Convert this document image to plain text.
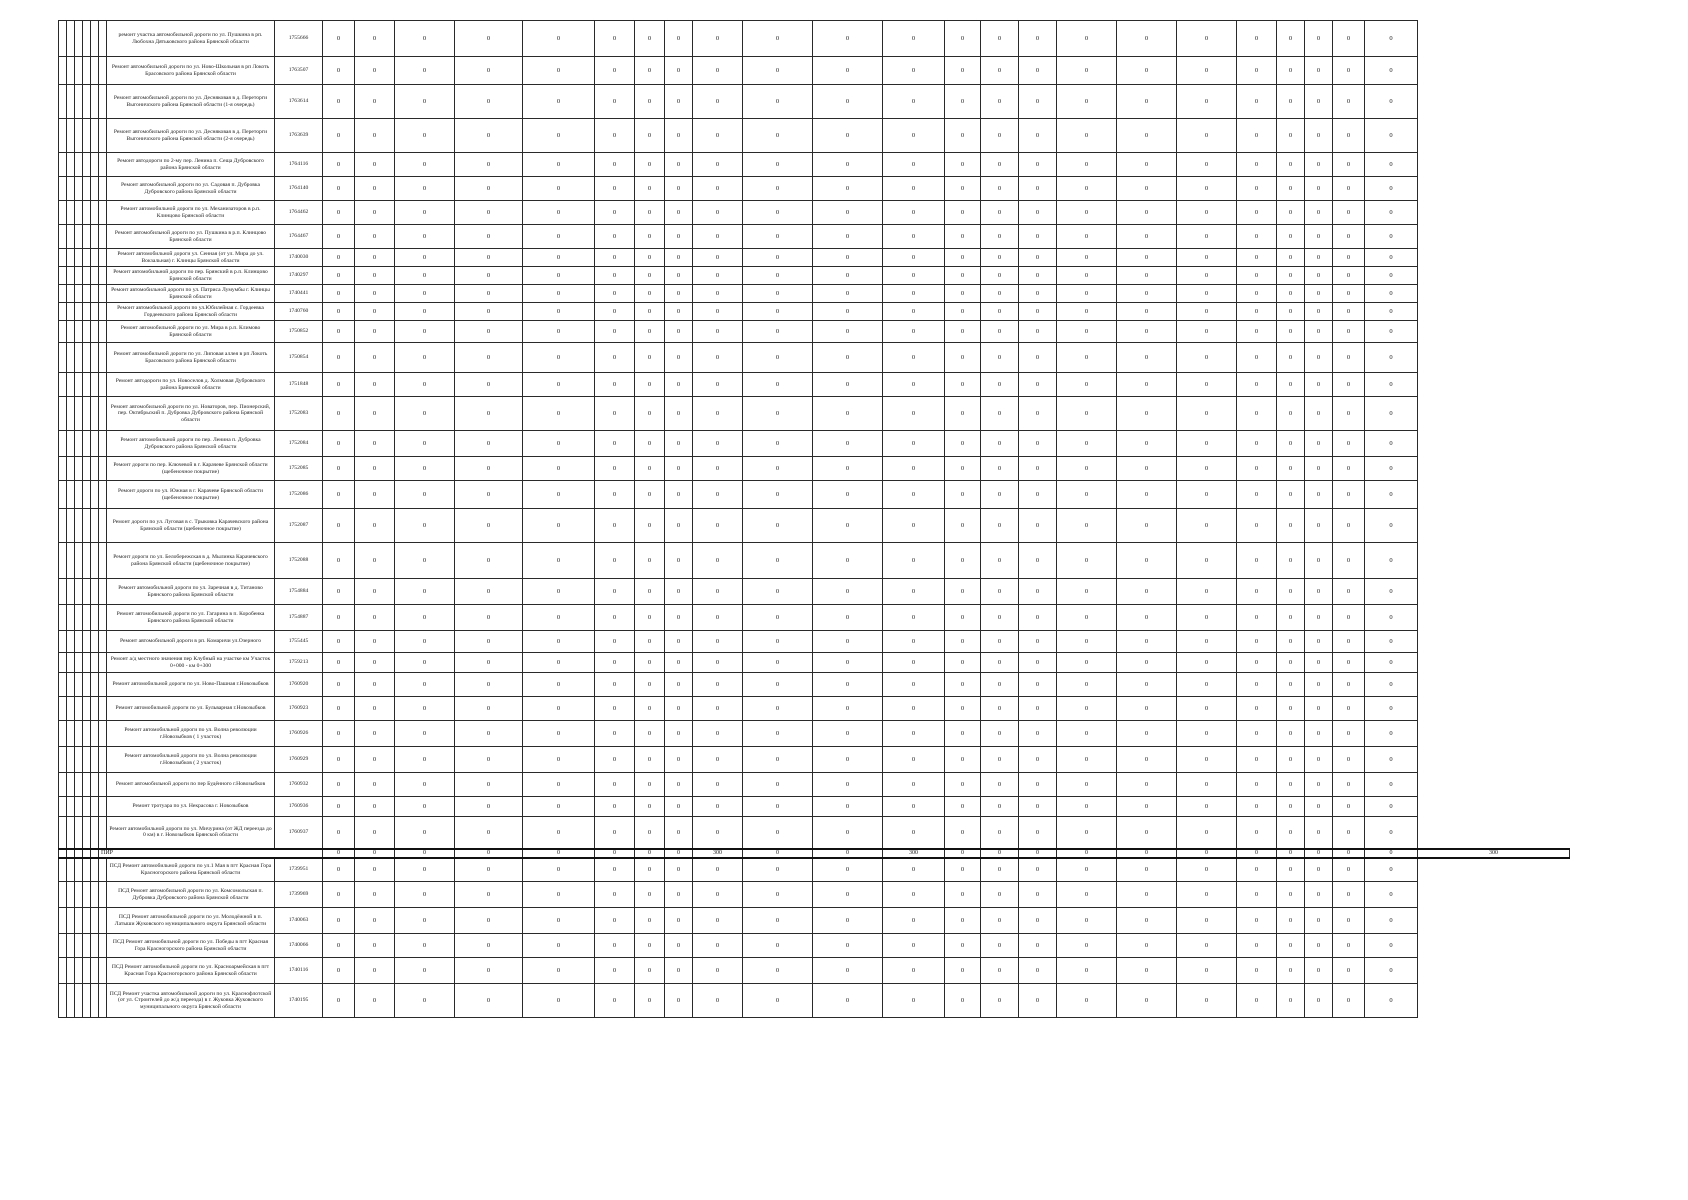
						ремонт участка автомобильной дороги по ул. Пушкина в рп. Любохна Дятьковского района Брянской области	1755666	0	0	0	0	0	0	0	0	0	0	0	0	0	0	0	0	0	0	0	0	0	0	0	
						Ремонт автомобильной дороги по ул. Ново-Школьная в рп Локоть Брасовского района Брянской области	1763507	0	0	0	0	0	0	0	0	0	0	0	0	0	0	0	0	0	0	0	0	0	0	0	
						Ремонт автомобильной дороги по ул. Десняковая в д. Переторги Выгоничского района Брянской области (1-я очередь)	1763614	0	0	0	0	0	0	0	0	0	0	0	0	0	0	0	0	0	0	0	0	0	0	0	
						Ремонт автомобильной дороги по ул. Десняковая в д. Переторги Выгоничского района Брянской области (2-я очередь)	1763639	0	0	0	0	0	0	0	0	0	0	0	0	0	0	0	0	0	0	0	0	0	0	0	
						Ремонт автодороги по 2-му пер. Ленина п. Сеща Дубровского района Брянской области	1764116	0	0	0	0	0	0	0	0	0	0	0	0	0	0	0	0	0	0	0	0	0	0	0	
						Ремонт автомобильной дороги по ул. Садовая п. Дубровка Дубровского района Брянской области	1764140	0	0	0	0	0	0	0	0	0	0	0	0	0	0	0	0	0	0	0	0	0	0	0	
						Ремонт автомобильной дороги по ул. Механизаторов в р.п. Клинцово Брянской области	1764462	0	0	0	0	0	0	0	0	0	0	0	0	0	0	0	0	0	0	0	0	0	0	0	
						Ремонт автомобильной дороги по ул. Пушкина в р.п. Клинцово Брянской области	1764467	0	0	0	0	0	0	0	0	0	0	0	0	0	0	0	0	0	0	0	0	0	0	0	
						Ремонт автомобильной дороги ул. Сенная (от ул. Мира до ул. Вокзальная) г. Клинцы Брянской области	1740030	0	0	0	0	0	0	0	0	0	0	0	0	0	0	0	0	0	0	0	0	0	0	0	
						Ремонт автомобильной дороги по пер. Брянский в р.п. Клинцово Брянской области	1740297	0	0	0	0	0	0	0	0	0	0	0	0	0	0	0	0	0	0	0	0	0	0	0	
						Ремонт автомобильной дороги по ул. Патриса Лумумбы г. Клинцы Брянской области	1740441	0	0	0	0	0	0	0	0	0	0	0	0	0	0	0	0	0	0	0	0	0	0	0	
						Ремонт автомобильной дороги по ул.Юбилейная с. Гордеевка Гордеевского района Брянской области	1740760	0	0	0	0	0	0	0	0	0	0	0	0	0	0	0	0	0	0	0	0	0	0	0	
						Ремонт автомобильной дороги по ул. Мира в р.п. Климово Брянской области	1750852	0	0	0	0	0	0	0	0	0	0	0	0	0	0	0	0	0	0	0	0	0	0	0	
						Ремонт автомобильной дороги по ул. Липовая аллея в рп Локоть Брасовского района Брянской области	1750854	0	0	0	0	0	0	0	0	0	0	0	0	0	0	0	0	0	0	0	0	0	0	0	
						Ремонт автодороги по ул. Новоселов д. Холмовая Дубровского района Брянской области	1751848	0	0	0	0	0	0	0	0	0	0	0	0	0	0	0	0	0	0	0	0	0	0	0	
						Ремонт автомобильной дороги по ул. Новаторов, пер. Пионерский, пер. Октябрьский п. Дубровка Дубровского района Брянской области	1752083	0	0	0	0	0	0	0	0	0	0	0	0	0	0	0	0	0	0	0	0	0	0	0	
						Ремонт автомобильной дороги по пер. Ленина п. Дубровка Дубровского района Брянской области	1752084	0	0	0	0	0	0	0	0	0	0	0	0	0	0	0	0	0	0	0	0	0	0	0	
						Ремонт дороги по пер. Ключевой в г. Карачеве Брянской области (щебеночное покрытие)	1752085	0	0	0	0	0	0	0	0	0	0	0	0	0	0	0	0	0	0	0	0	0	0	0	
						Ремонт дороги по ул. Южная в г. Карачеве Брянской области (щебеночное покрытие)	1752086	0	0	0	0	0	0	0	0	0	0	0	0	0	0	0	0	0	0	0	0	0	0	0	
						Ремонт дороги по ул. Луговая в с. Трыковка Карачевского района Брянской области (щебеночное покрытие)	1752087	0	0	0	0	0	0	0	0	0	0	0	0	0	0	0	0	0	0	0	0	0	0	0	
						Ремонт дороги по ул. Белобережская в д. Мылинка Карачевского района Брянской области (щебеночное покрытие)	1752088	0	0	0	0	0	0	0	0	0	0	0	0	0	0	0	0	0	0	0	0	0	0	0	
						Ремонт автомобильной дороги по ул. Заречная в д. Титаново Брянского района Брянской области	1754884	0	0	0	0	0	0	0	0	0	0	0	0	0	0	0	0	0	0	0	0	0	0	0	
						Ремонт автомобильной дороги по ул. Гагарина в п. Коробенка Брянского района Брянской области	1754887	0	0	0	0	0	0	0	0	0	0	0	0	0	0	0	0	0	0	0	0	0	0	0	
						Ремонт автомобильной дороги в рп. Комаричи ул.Озерного	1755445	0	0	0	0	0	0	0	0	0	0	0	0	0	0	0	0	0	0	0	0	0	0	0	
						Ремонт а/д местного значения пер Клубный на участке км Участок 0+000 - км 0+300	1759213	0	0	0	0	0	0	0	0	0	0	0	0	0	0	0	0	0	0	0	0	0	0	0	
						Ремонт автомобильной дороги по ул. Ново-Пашная г.Новозыбков	1760920	0	0	0	0	0	0	0	0	0	0	0	0	0	0	0	0	0	0	0	0	0	0	0	
						Ремонт автомобильной дороги по ул. Бульварная г.Новозыбков	1760923	0	0	0	0	0	0	0	0	0	0	0	0	0	0	0	0	0	0	0	0	0	0	0	
						Ремонт автомобильной дороги по ул. Волна революции г.Новозыбков ( 1 участок)	1760926	0	0	0	0	0	0	0	0	0	0	0	0	0	0	0	0	0	0	0	0	0	0	0	
						Ремонт автомобильной дороги по ул. Волна революции г.Новозыбков ( 2 участок)	1760929	0	0	0	0	0	0	0	0	0	0	0	0	0	0	0	0	0	0	0	0	0	0	0	
						Ремонт автомобильной дороги по пер Будённого г.Новозыбков	1760932	0	0	0	0	0	0	0	0	0	0	0	0	0	0	0	0	0	0	0	0	0	0	0	
						Ремонт тротуара по ул. Некрасова г. Новозыбков	1760936	0	0	0	0	0	0	0	0	0	0	0	0	0	0	0	0	0	0	0	0	0	0	0	
						Ремонт автомобильной дороги по ул. Мичурина (от ЖД переезда до 0 км) в г. Новозыбков Брянской области	1760937	0	0	0	0	0	0	0	0	0	0	0	0	0	0	0	0	0	0	0	0	0	0	0	
					ПИР			0	0	0	0	0	0	0	0	300	0	0	300	0	0	0	0	0	0	0	0	0	0	0	300
						ПСД Ремонт автомобильной дороги по ул.1 Мая в пгт Красная Гора Красногорского района Брянской области	1739951	0	0	0	0	0	0	0	0	0	0	0	0	0	0	0	0	0	0	0	0	0	0	0	
						ПСД Ремонт автомобильной дороги по ул. Комсомольская п. Дубровка Дубровского района Брянской области	1739969	0	0	0	0	0	0	0	0	0	0	0	0	0	0	0	0	0	0	0	0	0	0	0	
						ПСД Ремонт автомобильной дороги по ул. Молодёжной в п. Латыши Жуковского муниципального округа Брянской области	1740063	0	0	0	0	0	0	0	0	0	0	0	0	0	0	0	0	0	0	0	0	0	0	0	
						ПСД Ремонт автомобильной дороги по ул. Победы в пгт Красная Гора Красногорского района Брянской области	1740066	0	0	0	0	0	0	0	0	0	0	0	0	0	0	0	0	0	0	0	0	0	0	0	
						ПСД Ремонт автомобильной дороги по ул. Красноармейская в пгт Красная Гора Красногорского района Брянской области	1740116	0	0	0	0	0	0	0	0	0	0	0	0	0	0	0	0	0	0	0	0	0	0	0	
						ПСД Ремонт участка автомобильной дороги по ул. Краснофлотской (от ул. Строителей до ж/д переезда) в г. Жуковка Жуковского муниципального округа Брянской области	1740195	0	0	0	0	0	0	0	0	0	0	0	0	0	0	0	0	0	0	0	0	0	0	0	
